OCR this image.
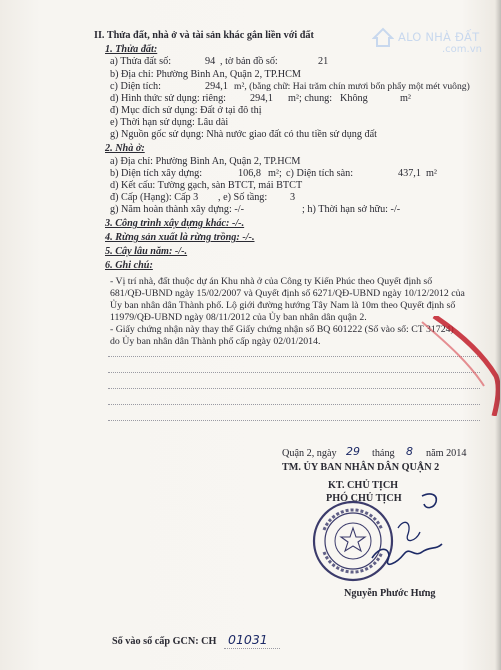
ALO NHÀ ĐẤT
.com.vn
II. Thửa đất, nhà ở và tài sản khác gắn liền với đất
1. Thửa đất:
a) Thửa đất số:	94 , tờ bản đồ số:	21
b) Địa chỉ: Phường Bình An, Quận 2, TP.HCM
c) Diện tích:	294,1 m², (bằng chữ: Hai trăm chín mươi bốn phẩy một mét vuông)
d) Hình thức sử dụng: riêng: 294,1 m²; chung: Không	m²
đ) Mục đích sử dụng: Đất ở tại đô thị
e) Thời hạn sử dụng: Lâu dài
g) Nguồn gốc sử dụng: Nhà nước giao đất có thu tiền sử dụng đất
2. Nhà ở:
a) Địa chỉ: Phường Bình An, Quận 2, TP.HCM
b) Diện tích xây dựng:	106,8 m²; c) Diện tích sàn:	437,1 m²
d) Kết cấu: Tường gạch, sàn BTCT, mái BTCT
đ) Cấp (Hạng): Cấp 3 , e) Số tầng: 3
g) Năm hoàn thành xây dựng: -/-	; h) Thời hạn sở hữu: -/-
3. Công trình xây dựng khác: -/-.
4. Rừng sản xuất là rừng trồng: -/-.
5. Cây lâu năm: -/-.
6. Ghi chú:
- Vị trí nhà, đất thuộc dự án Khu nhà ở của Công ty Kiến Phúc theo Quyết định số
681/QĐ-UBND ngày 15/02/2007 và Quyết định số 6271/QĐ-UBND ngày 10/12/2012 của
Ủy ban nhân dân Thành phố. Lộ giới đường hướng Tây Nam là 10m theo Quyết định số
11979/QĐ-UBND ngày 08/11/2012 của Ủy ban nhân dân quận 2.
- Giấy chứng nhận này thay thế Giấy chứng nhận số BQ 601222 (Số vào sổ: CT 31724)
do Ủy ban nhân dân Thành phố cấp ngày 02/01/2014.
Quận 2, ngày 29 tháng 8 năm 2014
TM. ỦY BAN NHÂN DÂN QUẬN 2
KT. CHỦ TỊCH
PHÓ CHỦ TỊCH
Nguyễn Phước Hưng
Số vào sổ cấp GCN: CH 01031
